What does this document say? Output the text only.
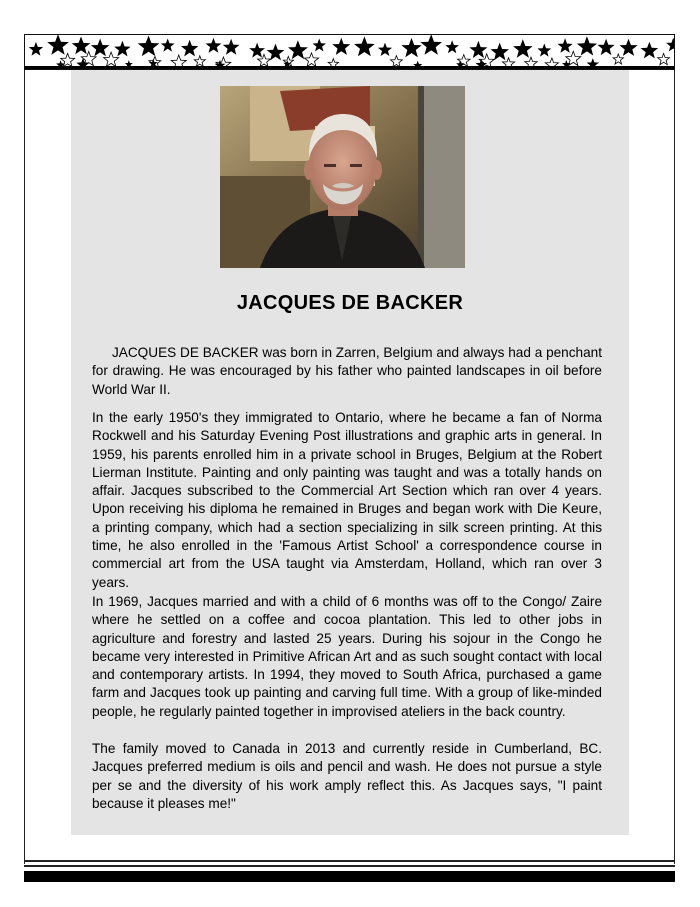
JACQUES DE BACKER

JACQUES DE BACKER was born in Zarren, Belgium and always had a penchant for drawing. He was encouraged by his father who painted landscapes in oil before World War II.

In the early 1950's they immigrated to Ontario, where he became a fan of Norma Rockwell and his Saturday Evening Post illustrations and graphic arts in general. In 1959, his parents enrolled him in a private school in Bruges, Belgium at the Robert Lierman Institute. Painting and only painting was taught and was a totally hands on affair. Jacques subscribed to the Commercial Art Section which ran over 4 years. Upon receiving his diploma he remained in Bruges and began work with Die Keure, a printing company, which had a section specializing in silk screen printing. At this time, he also enrolled in the 'Famous Artist School' a correspondence course in commercial art from the USA taught via Amsterdam, Holland, which ran over 3 years.

In 1969, Jacques married and with a child of 6 months was off to the Congo/ Zaire where he settled on a coffee and cocoa plantation. This led to other jobs in agriculture and forestry and lasted 25 years. During his sojour in the Congo he became very interested in Primitive African Art and as such sought contact with local and contemporary artists. In 1994, they moved to South Africa, purchased a game farm and Jacques took up painting and carving full time. With a group of like-minded people, he regularly painted together in improvised ateliers in the back country.

The family moved to Canada in 2013 and currently reside in Cumberland, BC. Jacques preferred medium is oils and pencil and wash. He does not pursue a style per se and the diversity of his work amply reflect this. As Jacques says, "I paint because it pleases me!"
